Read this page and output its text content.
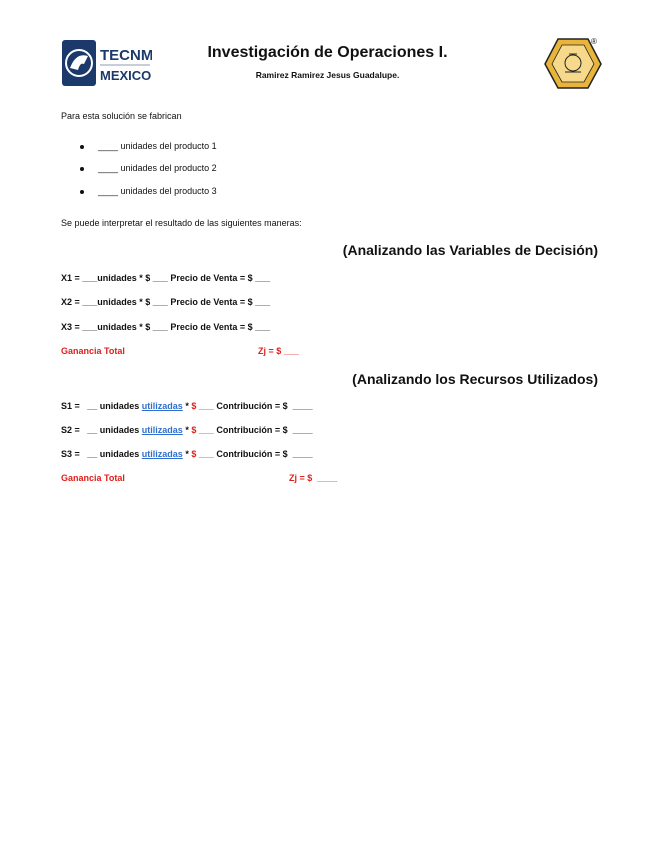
TECNM
MEXICO
Investigación de Operaciones I.
Ramirez Ramirez Jesus Guadalupe.
®
Para esta solución se fabrican
____ unidades del producto 1
____ unidades del producto 2
____ unidades del producto 3
Se puede interpretar el resultado de las siguientes maneras:
(Analizando las Variables de Decisión)
X1 = ___unidades * $ ___ Precio de Venta = $ ___
X2 = ___unidades * $ ___ Precio de Venta = $ ___
X3 = ___unidades * $ ___ Precio de Venta = $ ___
Ganancia Total	Zj = $ ___
(Analizando los Recursos Utilizados)
S1 =   __ unidades utilizadas * $ ___ Contribución = $  ____
S2 =   __ unidades utilizadas * $ ___ Contribución = $  ____
S3 =   __ unidades utilizadas * $ ___ Contribución = $  ____
Ganancia Total	Zj = $  ____
